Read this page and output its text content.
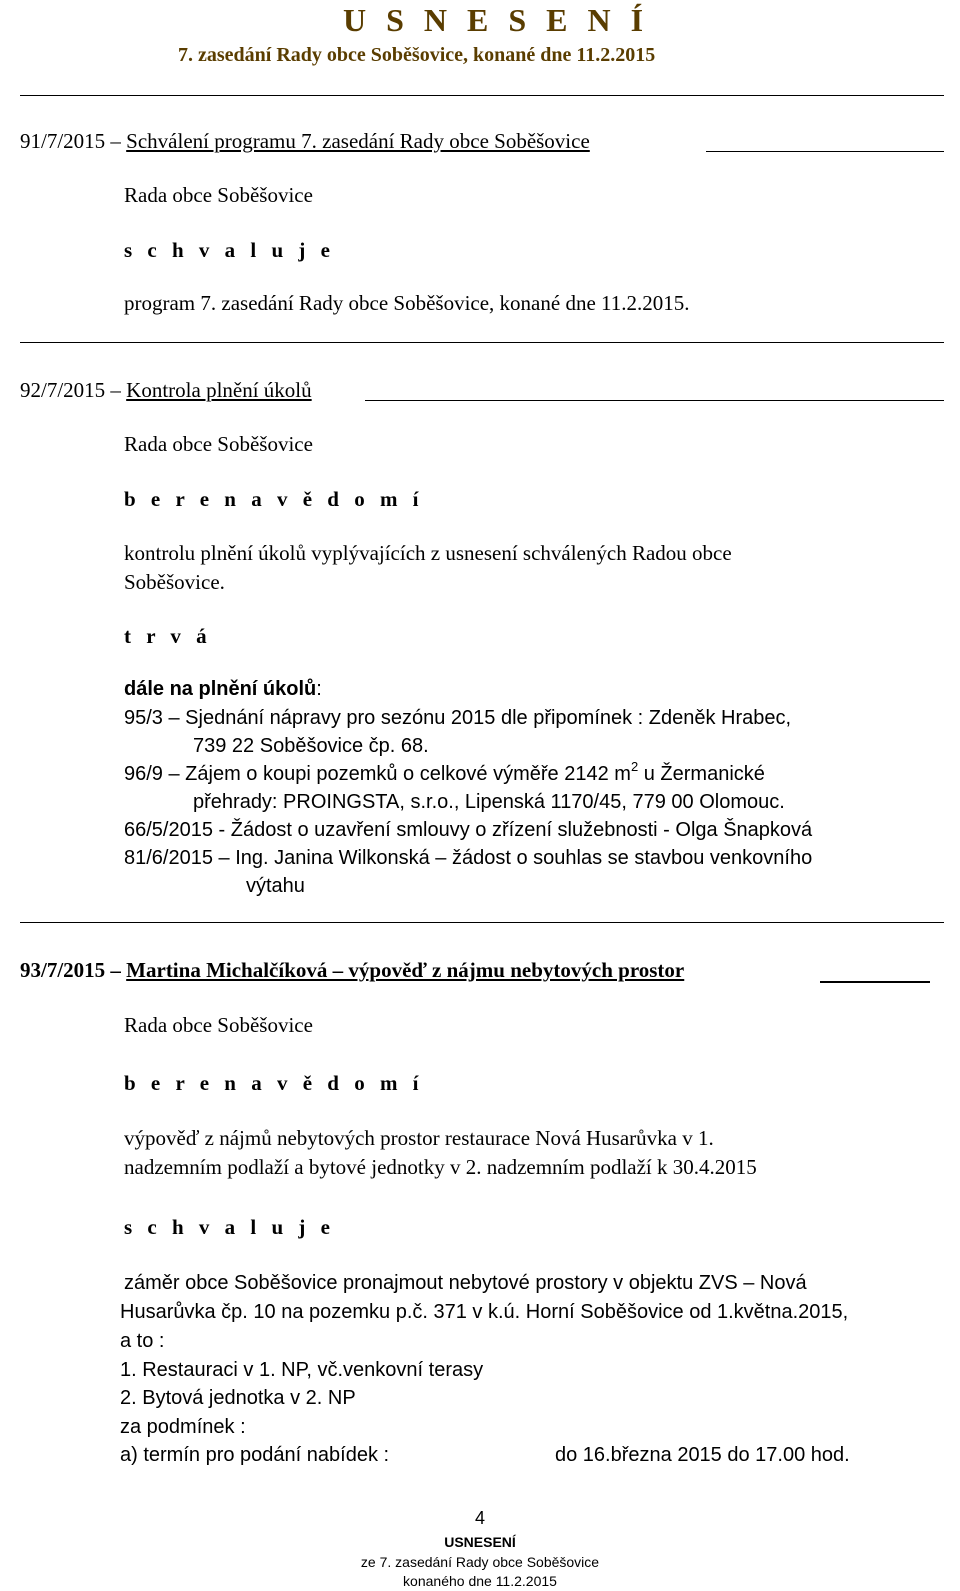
U S N E S E N Í
7. zasedání Rady obce Soběšovice, konané dne 11.2.2015
91/7/2015 – Schválení programu 7. zasedání Rady obce Soběšovice
Rada obce Soběšovice
s c h v a l u j e
program 7. zasedání Rady obce Soběšovice, konané dne 11.2.2015.
92/7/2015 – Kontrola plnění úkolů
Rada obce Soběšovice
b e r e n a v ě d o m í
kontrolu plnění úkolů vyplývajících z usnesení schválených Radou obce
Soběšovice.
t r v á
dále na plnění úkolů:
95/3 – Sjednání nápravy pro sezónu 2015 dle připomínek : Zdeněk Hrabec,
739 22 Soběšovice čp. 68.
96/9 – Zájem o koupi pozemků o celkové výměře 2142 $m^2$ u Žermanické
přehrady: PROINGSTA, s.r.o., Lipenská 1170/45, 779 00 Olomouc.
66/5/2015 - Žádost o uzavření smlouvy o zřízení služebnosti - Olga Šnapková
81/6/2015 – Ing. Janina Wilkonská – žádost o souhlas se stavbou venkovního
výtahu
93/7/2015 – Martina Michalčíková – výpověď z nájmu nebytových prostor
Rada obce Soběšovice
b e r e n a v ě d o m í
výpověď z nájmů nebytových prostor restaurace Nová Husarůvka v 1.
nadzemním podlaží a bytové jednotky v 2. nadzemním podlaží k 30.4.2015
s c h v a l u j e
záměr obce Soběšovice pronajmout nebytové prostory v objektu ZVS – Nová
Husarůvka čp. 10 na pozemku p.č. 371 v k.ú. Horní Soběšovice od 1.května.2015,
a to :
1. Restauraci v 1. NP, vč.venkovní terasy
2. Bytová jednotka v 2. NP
za podmínek :
a) termín pro podání nabídek :	do 16.března 2015 do 17.00 hod.
4
USNESENÍ
ze 7. zasedání Rady obce Soběšovice
konaného dne 11.2.2015
